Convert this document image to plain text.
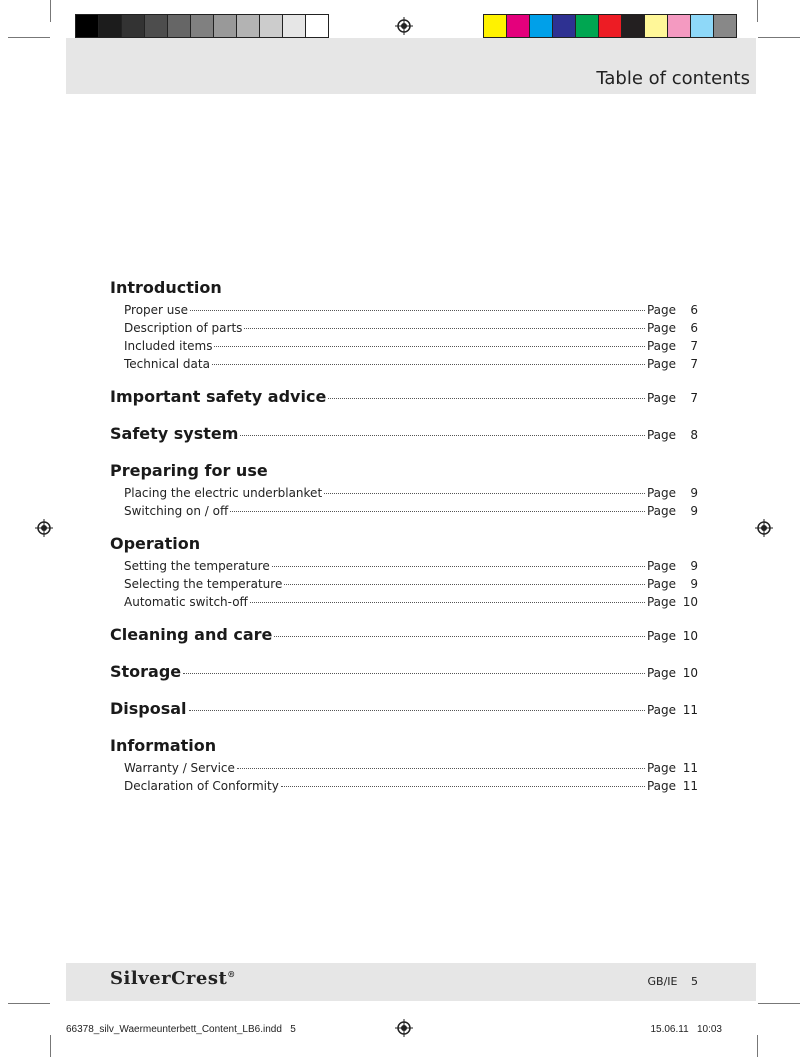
Table of contents
Introduction
Proper use	Page	6
Description of parts	Page	6
Included items	Page	7
Technical data	Page	7
Important safety advice	Page	7
Safety system	Page	8
Preparing for use
Placing the electric underblanket	Page	9
Switching on / off	Page	9
Operation
Setting the temperature	Page	9
Selecting the temperature	Page	9
Automatic switch-off	Page 10
Cleaning and care	Page 10
Storage	Page 10
Disposal	Page 11
Information
Warranty / Service	Page 11
Declaration of Conformity	Page 11
SilverCrest®
GB/IE 5
66378_silv_Waermeunterbett_Content_LB6.indd   5	15.06.11   10:03
